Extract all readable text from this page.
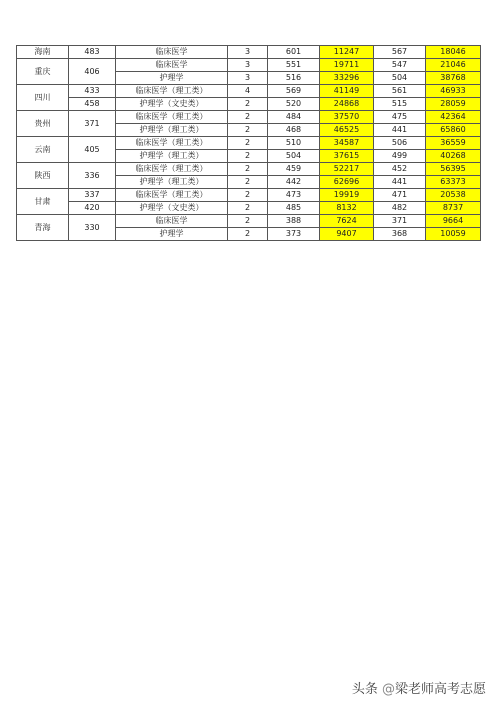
海南	483	临床医学	3	601	11247	567	18046
重庆	406	临床医学	3	551	19711	547	21046
		护理学	3	516	33296	504	38768
四川	433	临床医学（理工类）	4	569	41149	561	46933
	458	护理学（文史类）	2	520	24868	515	28059
贵州	371	临床医学（理工类）	2	484	37570	475	42364
		护理学（理工类）	2	468	46525	441	65860
云南	405	临床医学（理工类）	2	510	34587	506	36559
		护理学（理工类）	2	504	37615	499	40268
陕西	336	临床医学（理工类）	2	459	52217	452	56395
		护理学（理工类）	2	442	62696	441	63373
甘肃	337	临床医学（理工类）	2	473	19919	471	20538
	420	护理学（文史类）	2	485	8132	482	8737
青海	330	临床医学	2	388	7624	371	9664
		护理学	2	373	9407	368	10059
头条 @梁老师高考志愿
